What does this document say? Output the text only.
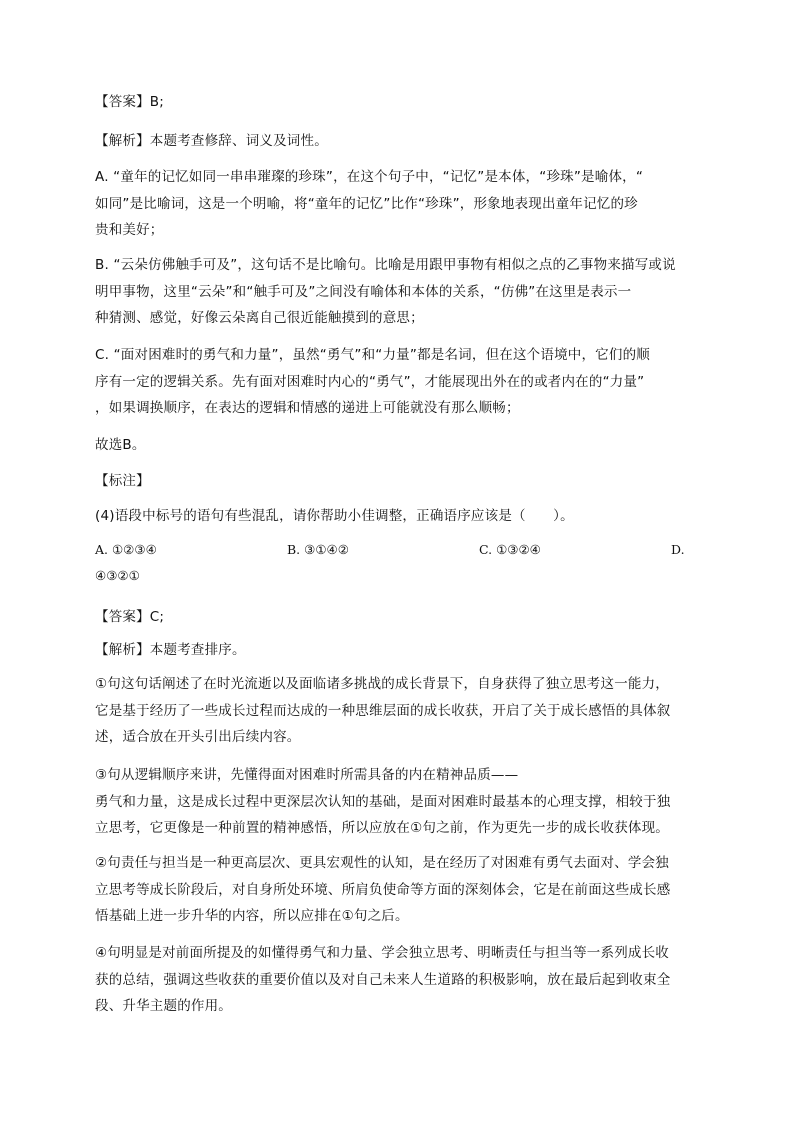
【答案】B;
【解析】本题考查修辞、词义及词性。
A. “童年的记忆如同一串串璀璨的珍珠”，在这个句子中，“记忆”是本体，“珍珠”是喻体，“
如同”是比喻词，这是一个明喻，将“童年的记忆”比作“珍珠”，形象地表现出童年记忆的珍
贵和美好；
B. “云朵仿佛触手可及”，这句话不是比喻句。比喻是用跟甲事物有相似之点的乙事物来描写或说
明甲事物，这里“云朵”和“触手可及”之间没有喻体和本体的关系，“仿佛”在这里是表示一
种猜测、感觉，好像云朵离自己很近能触摸到的意思；
C. “面对困难时的勇气和力量”，虽然“勇气”和“力量”都是名词，但在这个语境中，它们的顺
序有一定的逻辑关系。先有面对困难时内心的“勇气”，才能展现出外在的或者内在的“力量”
，如果调换顺序，在表达的逻辑和情感的递进上可能就没有那么顺畅；
故选B。
【标注】
(4)语段中标号的语句有些混乱，请你帮助小佳调整，正确语序应该是（　　）。
A. ①②③④	B. ③①④②	C. ①③②④	D.
④③②①
【答案】C;
【解析】本题考查排序。
①句这句话阐述了在时光流逝以及面临诸多挑战的成长背景下，自身获得了独立思考这一能力，
它是基于经历了一些成长过程而达成的一种思维层面的成长收获，开启了关于成长感悟的具体叙
述，适合放在开头引出后续内容。
③句从逻辑顺序来讲，先懂得面对困难时所需具备的内在精神品质——
勇气和力量，这是成长过程中更深层次认知的基础，是面对困难时最基本的心理支撑，相较于独
立思考，它更像是一种前置的精神感悟，所以应放在①句之前，作为更先一步的成长收获体现。
②句责任与担当是一种更高层次、更具宏观性的认知，是在经历了对困难有勇气去面对、学会独
立思考等成长阶段后，对自身所处环境、所肩负使命等方面的深刻体会，它是在前面这些成长感
悟基础上进一步升华的内容，所以应排在①句之后。
④句明显是对前面所提及的如懂得勇气和力量、学会独立思考、明晰责任与担当等一系列成长收
获的总结，强调这些收获的重要价值以及对自己未来人生道路的积极影响，放在最后起到收束全
段、升华主题的作用。
